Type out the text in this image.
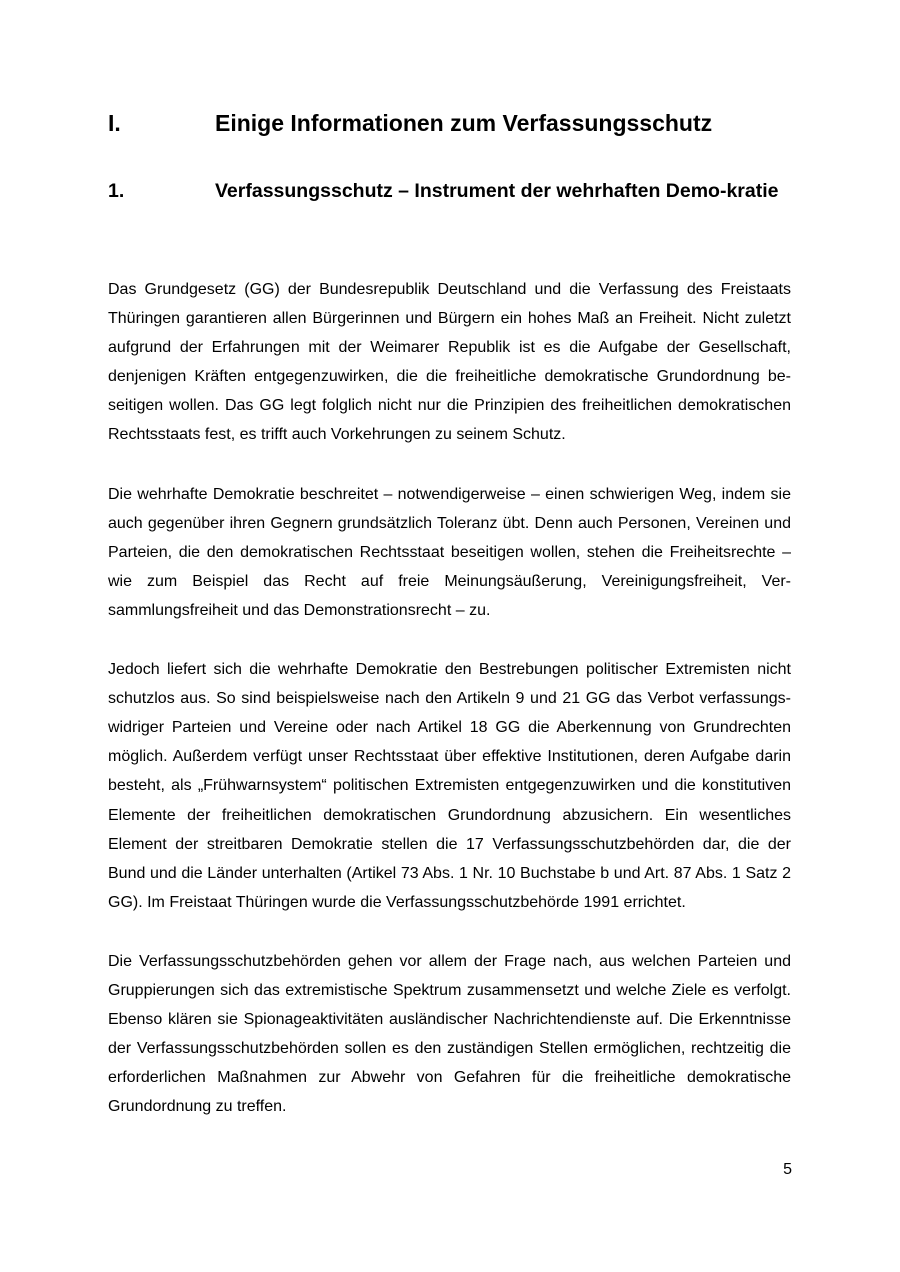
I.	Einige Informationen zum Verfassungsschutz
1.	Verfassungsschutz – Instrument der wehrhaften Demo-kratie

Das Grundgesetz (GG) der Bundesrepublik Deutschland und die Verfassung des Freistaats Thüringen garantieren allen Bürgerinnen und Bürgern ein hohes Maß an Freiheit. Nicht zuletzt aufgrund der Erfahrungen mit der Weimarer Republik ist es die Aufgabe der Gesellschaft, denjenigen Kräften entgegenzuwirken, die die freiheitliche demokratische Grundordnung beseitigen wollen. Das GG legt folglich nicht nur die Prinzipien des freiheitlichen demokratischen Rechtsstaats fest, es trifft auch Vorkehrungen zu seinem Schutz.

Die wehrhafte Demokratie beschreitet – notwendigerweise – einen schwierigen Weg, indem sie auch gegenüber ihren Gegnern grundsätzlich Toleranz übt. Denn auch Personen, Vereinen und Parteien, die den demokratischen Rechtsstaat beseitigen wollen, stehen die Freiheitsrechte – wie zum Beispiel das Recht auf freie Meinungsäußerung, Vereinigungsfreiheit, Versammlungsfreiheit und das Demonstrationsrecht – zu.

Jedoch liefert sich die wehrhafte Demokratie den Bestrebungen politischer Extremisten nicht schutzlos aus. So sind beispielsweise nach den Artikeln 9 und 21 GG das Verbot verfassungswidriger Parteien und Vereine oder nach Artikel 18 GG die Aberkennung von Grundrechten möglich. Außerdem verfügt unser Rechtsstaat über effektive Institutionen, deren Aufgabe darin besteht, als „Frühwarnsystem“ politischen Extremisten entgegenzuwirken und die konstitutiven Elemente der freiheitlichen demokratischen Grundordnung abzusichern. Ein wesentliches Element der streitbaren Demokratie stellen die 17 Verfassungsschutzbehörden dar, die der Bund und die Länder unterhalten (Artikel 73 Abs. 1 Nr. 10 Buchstabe b und Art. 87 Abs. 1 Satz 2 GG). Im Freistaat Thüringen wurde die Verfassungsschutzbehörde 1991 errichtet.

Die Verfassungsschutzbehörden gehen vor allem der Frage nach, aus welchen Parteien und Gruppierungen sich das extremistische Spektrum zusammensetzt und welche Ziele es verfolgt. Ebenso klären sie Spionageaktivitäten ausländischer Nachrichtendienste auf. Die Erkenntnisse der Verfassungsschutzbehörden sollen es den zuständigen Stellen ermöglichen, rechtzeitig die erforderlichen Maßnahmen zur Abwehr von Gefahren für die freiheitliche demokratische Grundordnung zu treffen.

5
